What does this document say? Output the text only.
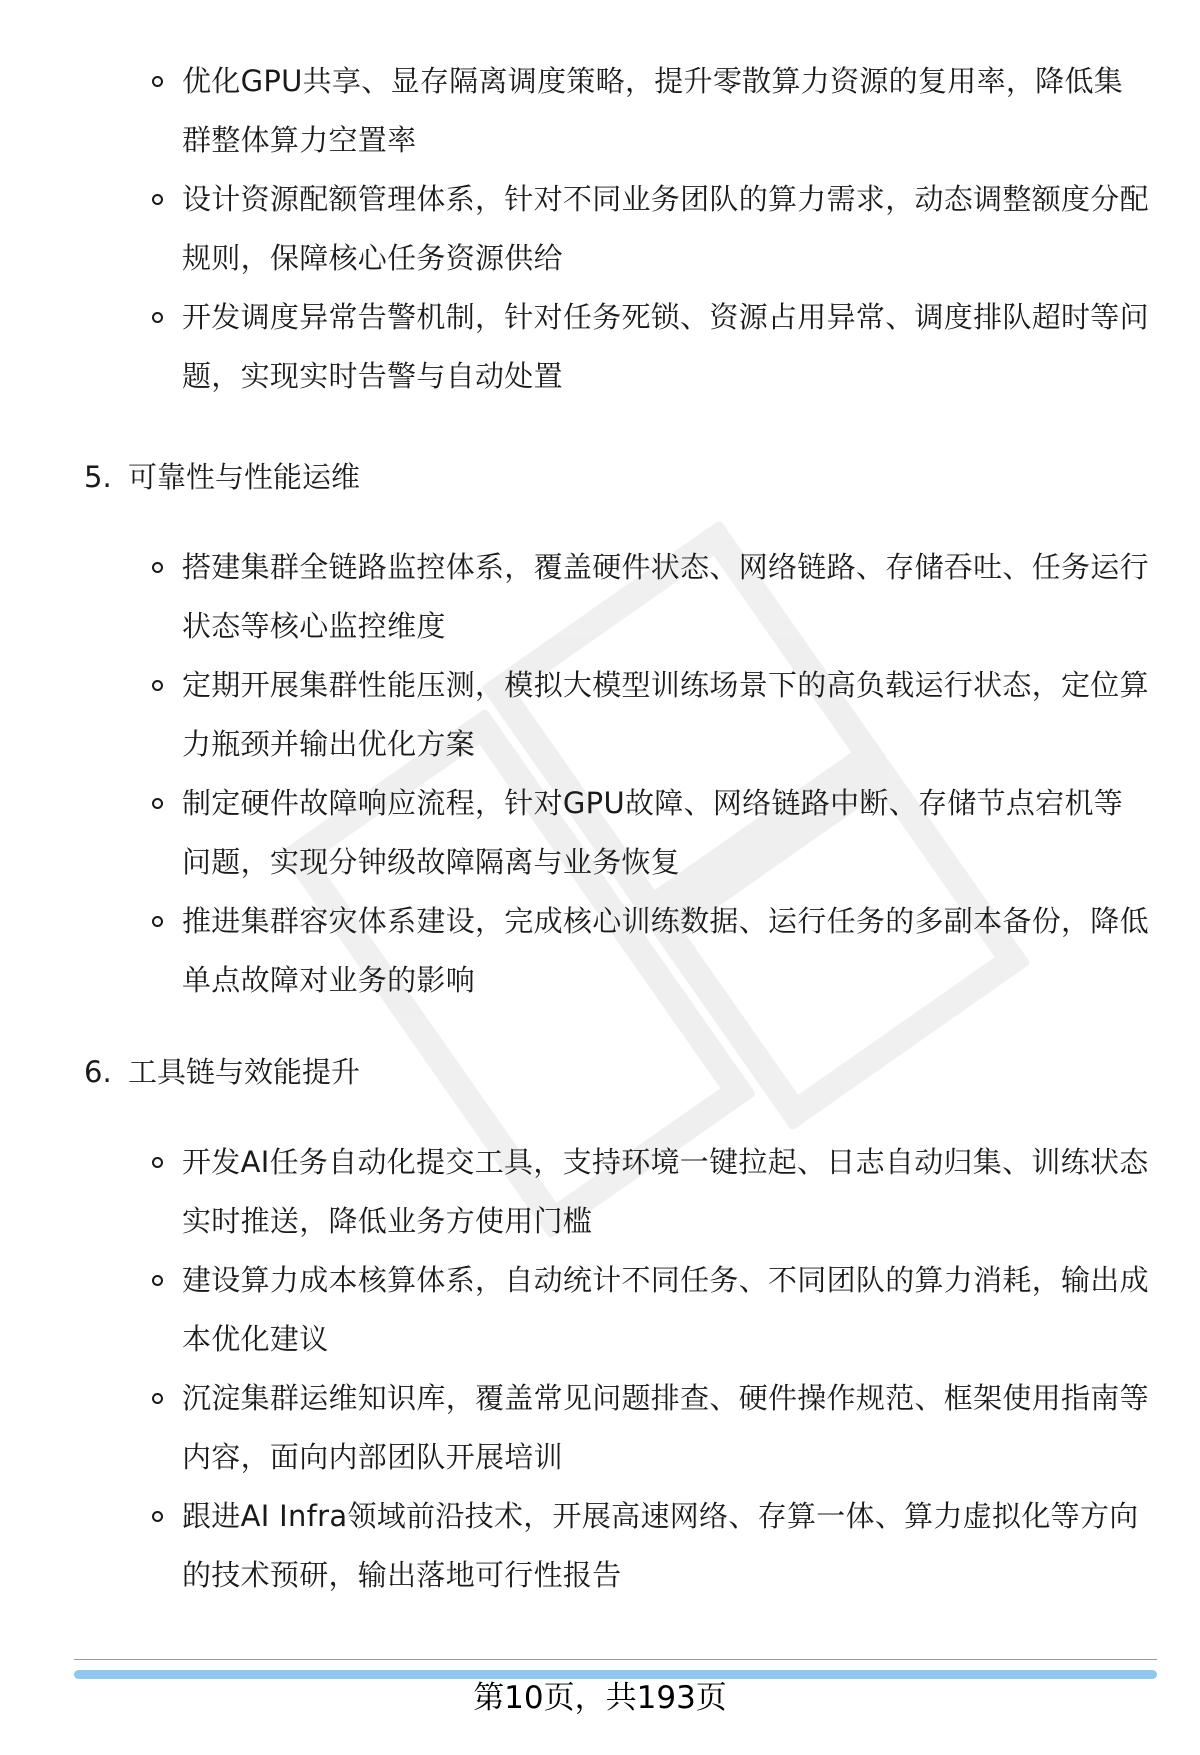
优化GPU共享、显存隔离调度策略，提升零散算力资源的复用率，降低集群整体算力空置率
设计资源配额管理体系，针对不同业务团队的算力需求，动态调整额度分配规则，保障核心任务资源供给
开发调度异常告警机制，针对任务死锁、资源占用异常、调度排队超时等问题，实现实时告警与自动处置
5. 可靠性与性能运维
搭建集群全链路监控体系，覆盖硬件状态、网络链路、存储吞吐、任务运行状态等核心监控维度
定期开展集群性能压测，模拟大模型训练场景下的高负载运行状态，定位算力瓶颈并输出优化方案
制定硬件故障响应流程，针对GPU故障、网络链路中断、存储节点宕机等问题，实现分钟级故障隔离与业务恢复
推进集群容灾体系建设，完成核心训练数据、运行任务的多副本备份，降低单点故障对业务的影响
6. 工具链与效能提升
开发AI任务自动化提交工具，支持环境一键拉起、日志自动归集、训练状态实时推送，降低业务方使用门槛
建设算力成本核算体系，自动统计不同任务、不同团队的算力消耗，输出成本优化建议
沉淀集群运维知识库，覆盖常见问题排查、硬件操作规范、框架使用指南等内容，面向内部团队开展培训
跟进AI Infra领域前沿技术，开展高速网络、存算一体、算力虚拟化等方向的技术预研，输出落地可行性报告
第10页，共193页
